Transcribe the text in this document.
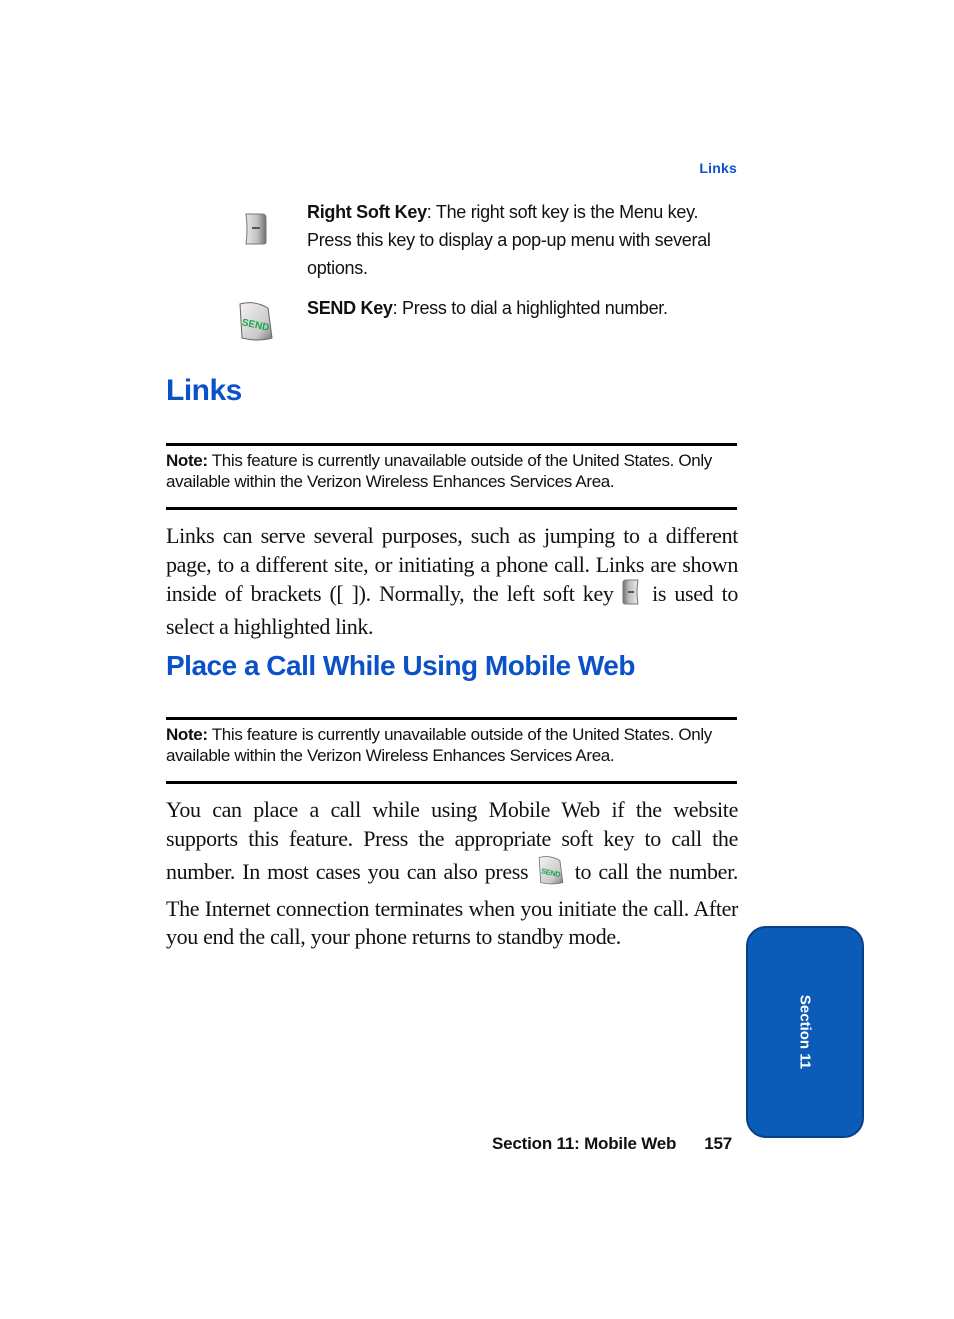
Links
Right Soft Key: The right soft key is the Menu key. Press this key to display a pop-up menu with several options.
SEND
SEND Key: Press to dial a highlighted number.
Links
Note: This feature is currently unavailable outside of the United States. Only available within the Verizon Wireless Enhances Services Area.
Links can serve several purposes, such as jumping to a different page, to a different site, or initiating a phone call. Links are shown inside of brackets ([ ]). Normally, the left soft key  is used to select a highlighted link.
Place a Call While Using Mobile Web
Note: This feature is currently unavailable outside of the United States. Only available within the Verizon Wireless Enhances Services Area.
You can place a call while using Mobile Web if the website supports this feature. Press the appropriate soft key to call the number. In most cases you can also press SEND to call the number. The Internet connection terminates when you initiate the call. After you end the call, your phone returns to standby mode.
Section 11
Section 11: Mobile Web 157
